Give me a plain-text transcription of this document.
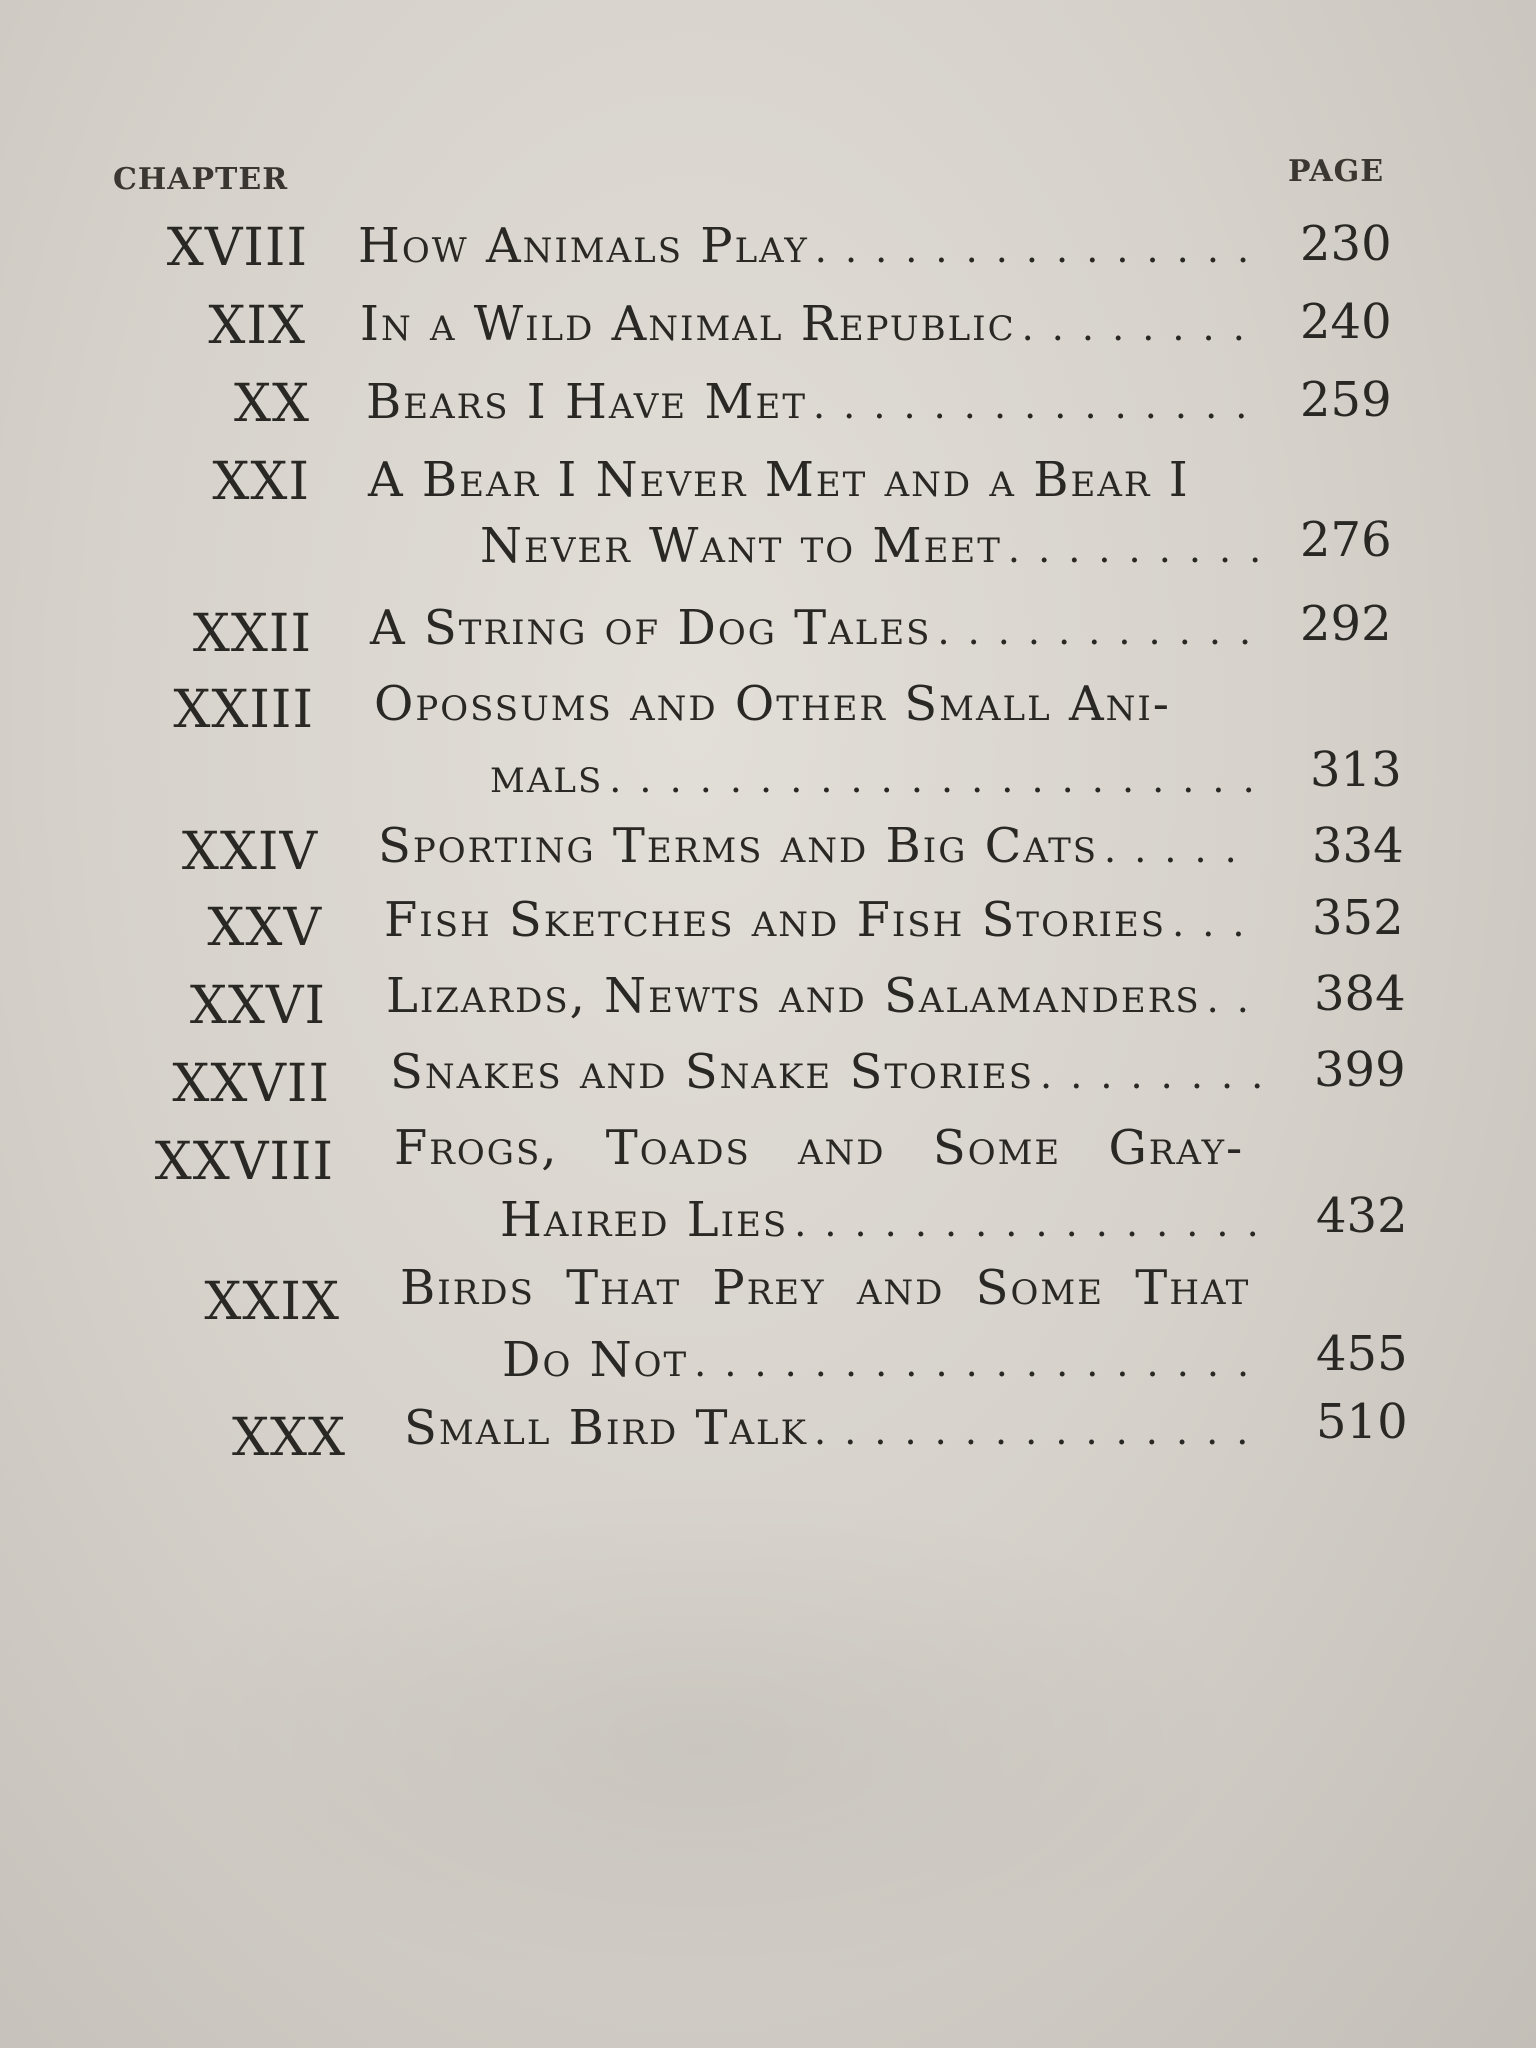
CHAPTER	PAGE
XVIII How Animals Play . . .	230
XIX In a Wild Animal Republic . . .	240
XX Bears I Have Met . . .	259
XXI A Bear I Never Met and a Bear I
Never Want to Meet . . .	276
XXII A String of Dog Tales . . .	292
XXIII Opossums and Other Small Ani-
mals . . .	313
XXIV Sporting Terms and Big Cats . . .	334
XXV Fish Sketches and Fish Stories . . .	352
XXVI Lizards, Newts and Salamanders . . . 384
XXVII Snakes and Snake Stories . . .	399
XXVIII Frogs, Toads and Some Gray-
Haired Lies . . .	432
XXIX Birds That Prey and Some That
Do Not . . .	455
XXX Small Bird Talk . . .	510
